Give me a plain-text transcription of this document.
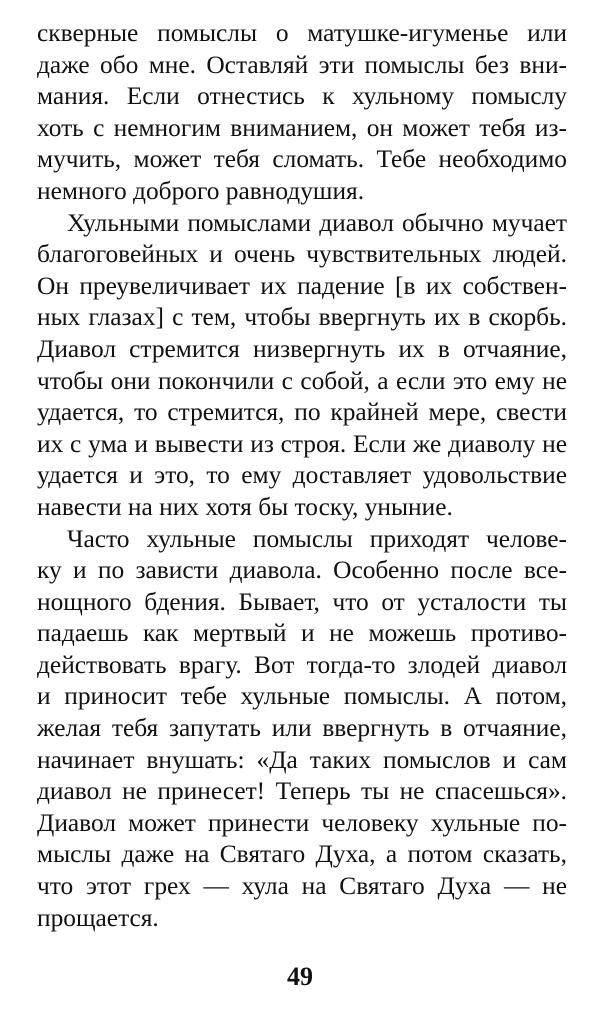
скверные помыслы о матушке-игуменье или
даже обо мне. Оставляй эти помыслы без вни-
мания. Если отнестись к хульному помыслу
хоть с немногим вниманием, он может тебя из-
мучить, может тебя сломать. Тебе необходимо
немного доброго равнодушия.
Хульными помыслами диавол обычно мучает
благоговейных и очень чувствительных людей.
Он преувеличивает их падение [в их собствен-
ных глазах] с тем, чтобы ввергнуть их в скорбь.
Диавол стремится низвергнуть их в отчаяние,
чтобы они покончили с собой, а если это ему не
удается, то стремится, по крайней мере, свести
их с ума и вывести из строя. Если же диаволу не
удается и это, то ему доставляет удовольствие
навести на них хотя бы тоску, уныние.
Часто хульные помыслы приходят челове-
ку и по зависти диавола. Особенно после все-
нощного бдения. Бывает, что от усталости ты
падаешь как мертвый и не можешь противо-
действовать врагу. Вот тогда-то злодей диавол
и приносит тебе хульные помыслы. А потом,
желая тебя запутать или ввергнуть в отчаяние,
начинает внушать: «Да таких помыслов и сам
диавол не принесет! Теперь ты не спасешься».
Диавол может принести человеку хульные по-
мыслы даже на Святаго Духа, а потом сказать,
что этот грех — хула на Святаго Духа — не
прощается.
49
